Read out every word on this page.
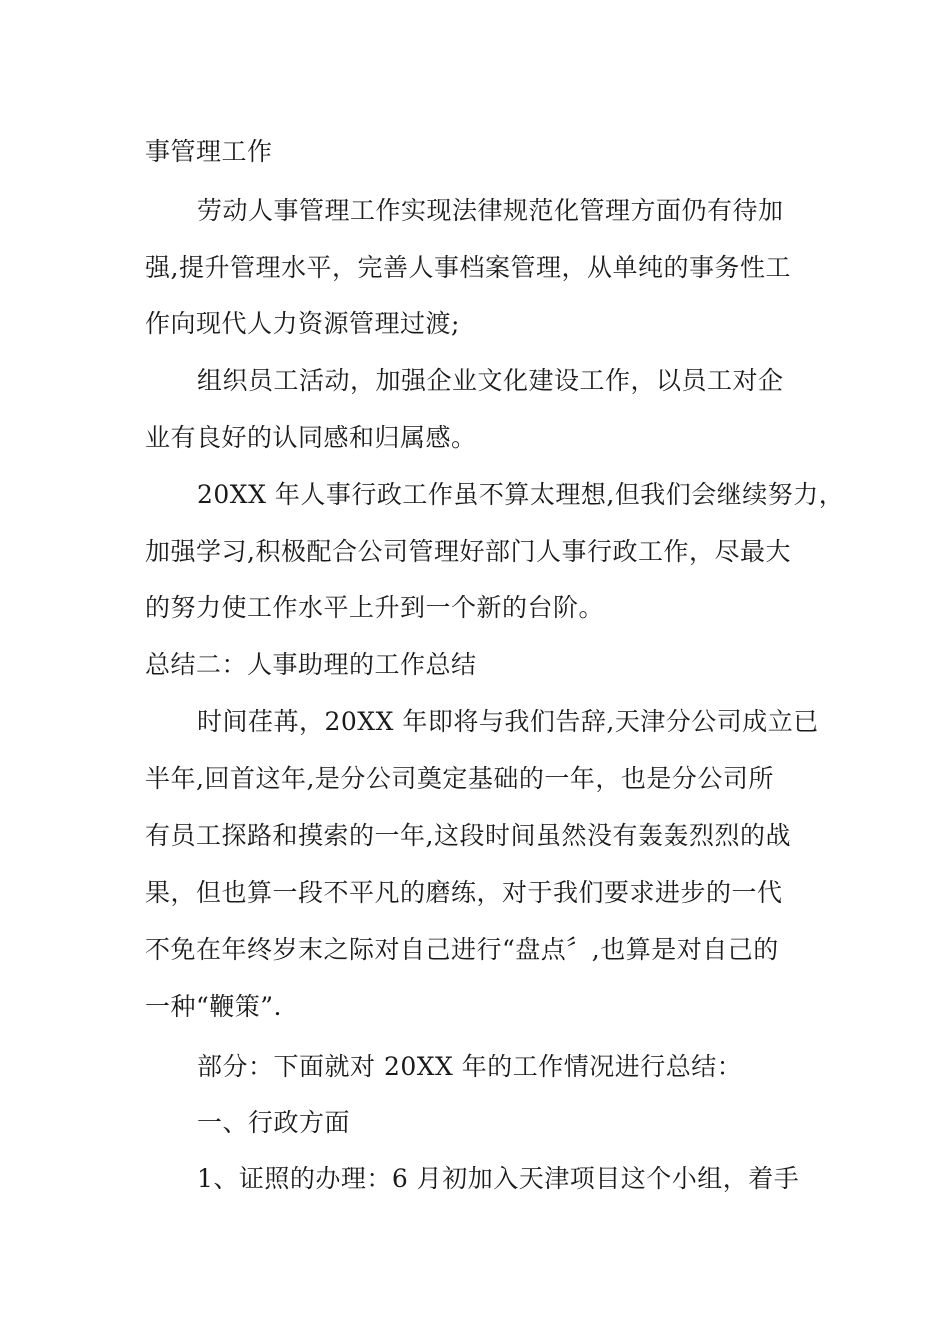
事管理工作
劳动人事管理工作实现法律规范化管理方面仍有待加
强,提升管理水平，完善人事档案管理，从单纯的事务性工
作向现代人力资源管理过渡;
组织员工活动，加强企业文化建设工作，以员工对企
业有良好的认同感和归属感。
20XX 年人事行政工作虽不算太理想,但我们会继续努力，
加强学习,积极配合公司管理好部门人事行政工作，尽最大
的努力使工作水平上升到一个新的台阶。
总结二：人事助理的工作总结
时间荏苒，20XX 年即将与我们告辞,天津分公司成立已
半年,回首这年,是分公司奠定基础的一年，也是分公司所
有员工探路和摸索的一年,这段时间虽然没有轰轰烈烈的战
果，但也算一段不平凡的磨练，对于我们要求进步的一代
不免在年终岁末之际对自己进行“盘点〞,也算是对自己的
一种“鞭策”.
部分：下面就对 20XX 年的工作情况进行总结：
一、行政方面
1、证照的办理：6 月初加入天津项目这个小组，着手
